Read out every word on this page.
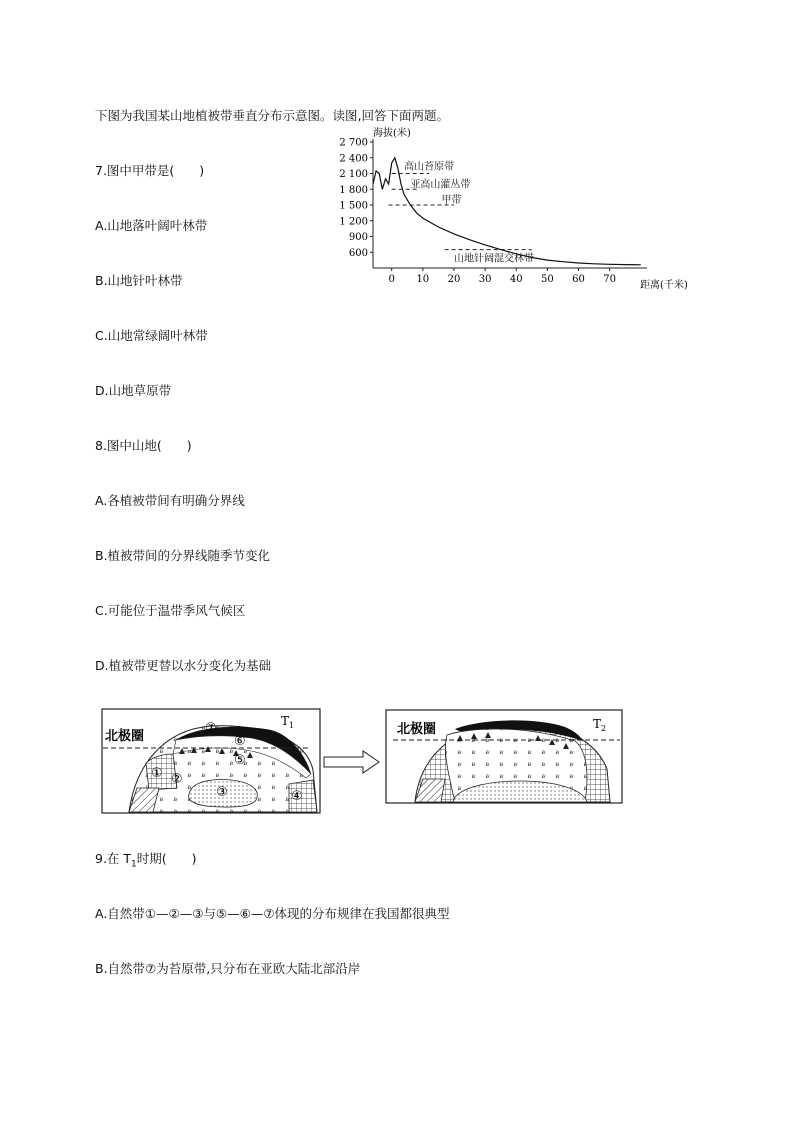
下图为我国某山地植被带垂直分布示意图。读图,回答下面两题。
7.图中甲带是(　　)
A.山地落叶阔叶林带
B.山地针叶林带
C.山地常绿阔叶林带
D.山地草原带
8.图中山地(　　)
A.各植被带间有明确分界线
B.植被带间的分界线随季节变化
C.可能位于温带季风气候区
D.植被带更替以水分变化为基础
9.在 $T_1$时期(　　)
A.自然带①—②—③与⑤—⑥—⑦体现的分布规律在我国都很典型
B.自然带⑦为苔原带,只分布在亚欧大陆北部沿岸
海拔(米)
距离(千米)
2 700
2 400
2 100
1 800
1 500
1 200
900
600
0 10 20 30 40 50 60 70
高山苔原带
亚高山灌丛带
甲带
山地针阔混交林带
北极圈
$T_1$
① ②
③	④
⑤
⑥
⑦	北极圈	$T_2$
